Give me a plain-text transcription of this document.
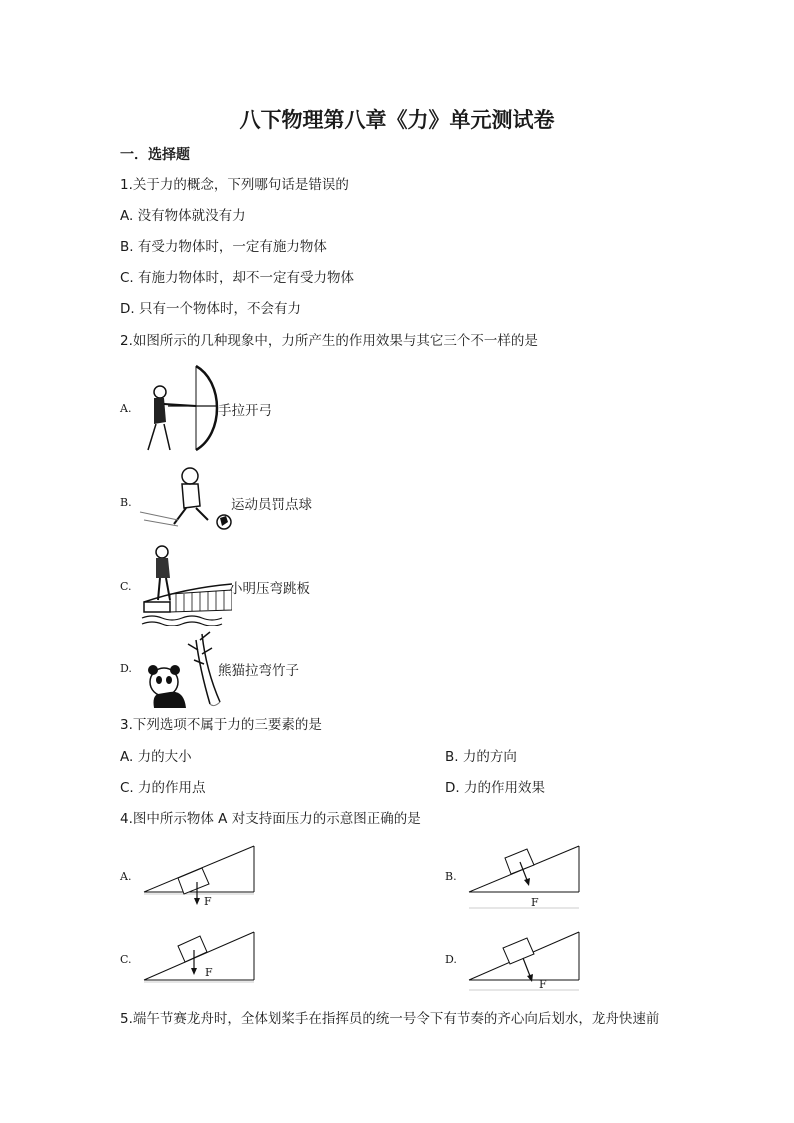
八下物理第八章《力》单元测试卷
一．选择题
1.关于力的概念，下列哪句话是错误的
A. 没有物体就没有力
B. 有受力物体时，一定有施力物体
C. 有施力物体时，却不一定有受力物体
D. 只有一个物体时，不会有力
2.如图所示的几种现象中，力所产生的作用效果与其它三个不一样的是
A.	手拉开弓
B.	运动员罚点球
C.	小明压弯跳板
D.	熊猫拉弯竹子
3.下列选项不属于力的三要素的是
A. 力的大小	B. 力的方向
C. 力的作用点	D. 力的作用效果
4.图中所示物体 A 对支持面压力的示意图正确的是
A.
F
B.
F
C.
F
D.
F
5.端午节赛龙舟时，全体划桨手在指挥员的统一号令下有节奏的齐心向后划水，龙舟快速前
